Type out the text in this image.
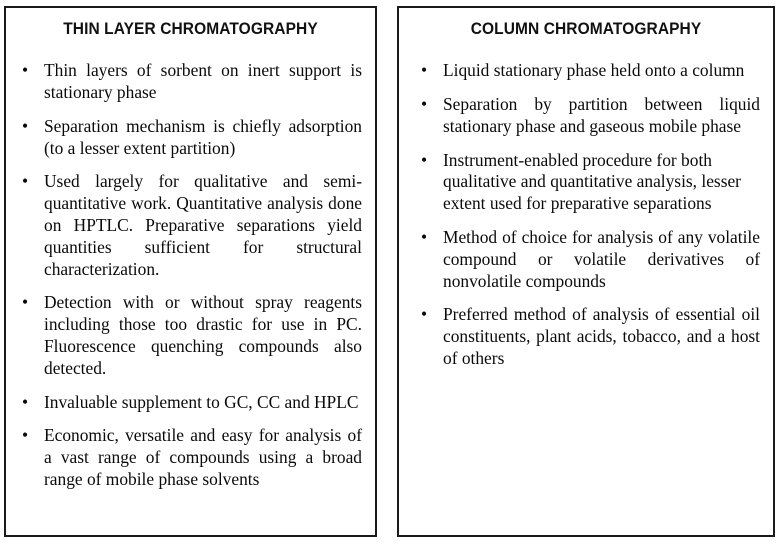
THIN LAYER CHROMATOGRAPHY
• Thin layers of sorbent on inert support is stationary phase
• Separation mechanism is chiefly adsorption (to a lesser extent partition)
• Used largely for qualitative and semi-quantitative work. Quantitative analysis done on HPTLC. Preparative separations yield quantities sufficient for structural characterization.
• Detection with or without spray reagents including those too drastic for use in PC. Fluorescence quenching compounds also detected.
• Invaluable supplement to GC, CC and HPLC
• Economic, versatile and easy for analysis of a vast range of compounds using a broad range of mobile phase solvents
COLUMN CHROMATOGRAPHY
• Liquid stationary phase held onto a column
• Separation by partition between liquid stationary phase and gaseous mobile phase
• Instrument-enabled procedure for both qualitative and quantitative analysis, lesser extent used for preparative separations
• Method of choice for analysis of any volatile compound or volatile derivatives of nonvolatile compounds
• Preferred method of analysis of essential oil constituents, plant acids, tobacco, and a host of others
